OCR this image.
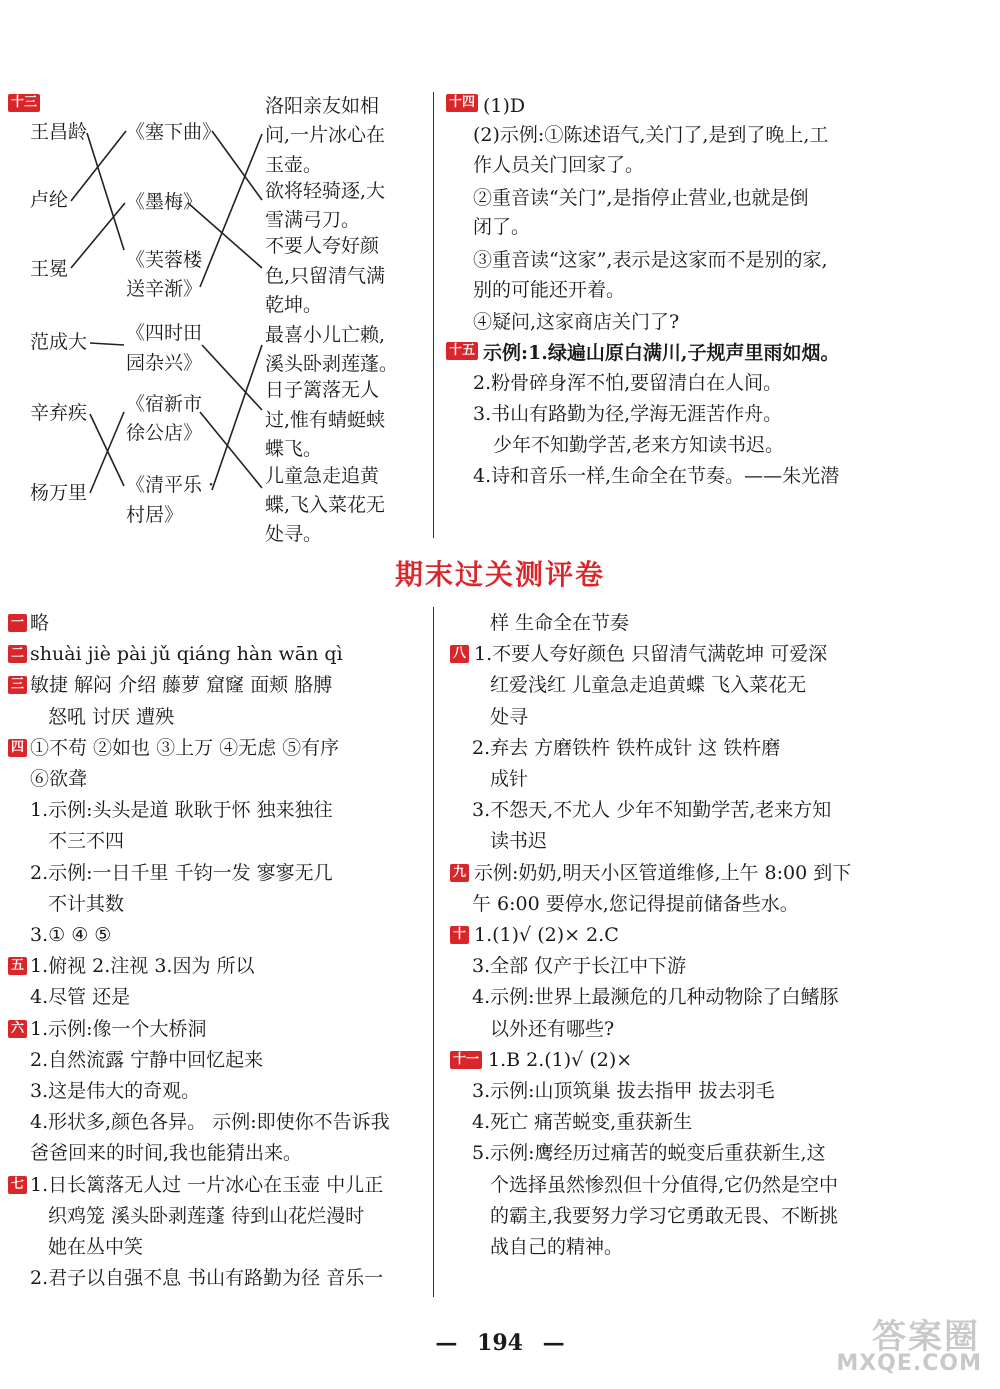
十三
王昌龄
卢纶
王冕
范成大
辛弃疾
杨万里
《塞下曲》
《墨梅》
《芙蓉楼
送辛渐》
《四时田
园杂兴》
《宿新市
徐公店》
《清平乐 ·
村居》
洛阳亲友如相
问,一片冰心在
玉壶。
欲将轻骑逐,大
雪满弓刀。
不要人夸好颜
色,只留清气满
乾坤。
最喜小儿亡赖,
溪头卧剥莲蓬。
日子篱落无人
过,惟有蜻蜓蛱
蝶飞。
儿童急走追黄
蝶,飞入菜花无
处寻。
十四 (1)D
(2)示例:①陈述语气,关门了,是到了晚上,工
作人员关门回家了。
②重音读“关门”,是指停止营业,也就是倒
闭了。
③重音读“这家”,表示是这家而不是别的家,
别的可能还开着。
④疑问,这家商店关门了?
十五 示例:1.绿遍山原白满川,子规声里雨如烟。
2.粉骨碎身浑不怕,要留清白在人间。
3.书山有路勤为径,学海无涯苦作舟。
少年不知勤学苦,老来方知读书迟。
4.诗和音乐一样,生命全在节奏。——朱光潜
期末过关测评卷
一 略
二 shuài jiè pài jǔ qiáng hàn wān qì
三 敏捷 解闷 介绍 藤萝 窟窿 面颊 胳膊
怒吼 讨厌 遭殃
四 ①不苟 ②如也 ③上万 ④无虑 ⑤有序
⑥欲聋
1.示例:头头是道 耿耿于怀 独来独往
不三不四
2.示例:一日千里 千钧一发 寥寥无几
不计其数
3.① ④ ⑤
五 1.俯视 2.注视 3.因为 所以
4.尽管 还是
六 1.示例:像一个大桥洞
2.自然流露 宁静中回忆起来
3.这是伟大的奇观。
4.形状多,颜色各异。 示例:即使你不告诉我
爸爸回来的时间,我也能猜出来。
七 1.日长篱落无人过 一片冰心在玉壶 中儿正
织鸡笼 溪头卧剥莲蓬 待到山花烂漫时
她在丛中笑
2.君子以自强不息 书山有路勤为径 音乐一
样 生命全在节奏
八 1.不要人夸好颜色 只留清气满乾坤 可爱深
红爱浅红 儿童急走追黄蝶 飞入菜花无
处寻
2.弃去 方磨铁杵 铁杵成针 这 铁杵磨
成针
3.不怨天,不尤人 少年不知勤学苦,老来方知
读书迟
九 示例:奶奶,明天小区管道维修,上午 8:00 到下
午 6:00 要停水,您记得提前储备些水。
十 1.(1)√ (2)× 2.C
3.全部 仅产于长江中下游
4.示例:世界上最濒危的几种动物除了白鳍豚
以外还有哪些?
十一 1.B 2.(1)√ (2)×
3.示例:山顶筑巢 拔去指甲 拔去羽毛
4.死亡 痛苦蜕变,重获新生
5.示例:鹰经历过痛苦的蜕变后重获新生,这
个选择虽然惨烈但十分值得,它仍然是空中
的霸主,我要努力学习它勇敢无畏、不断挑
战自己的精神。
— 194 —	答案圈
MXQE.COM
